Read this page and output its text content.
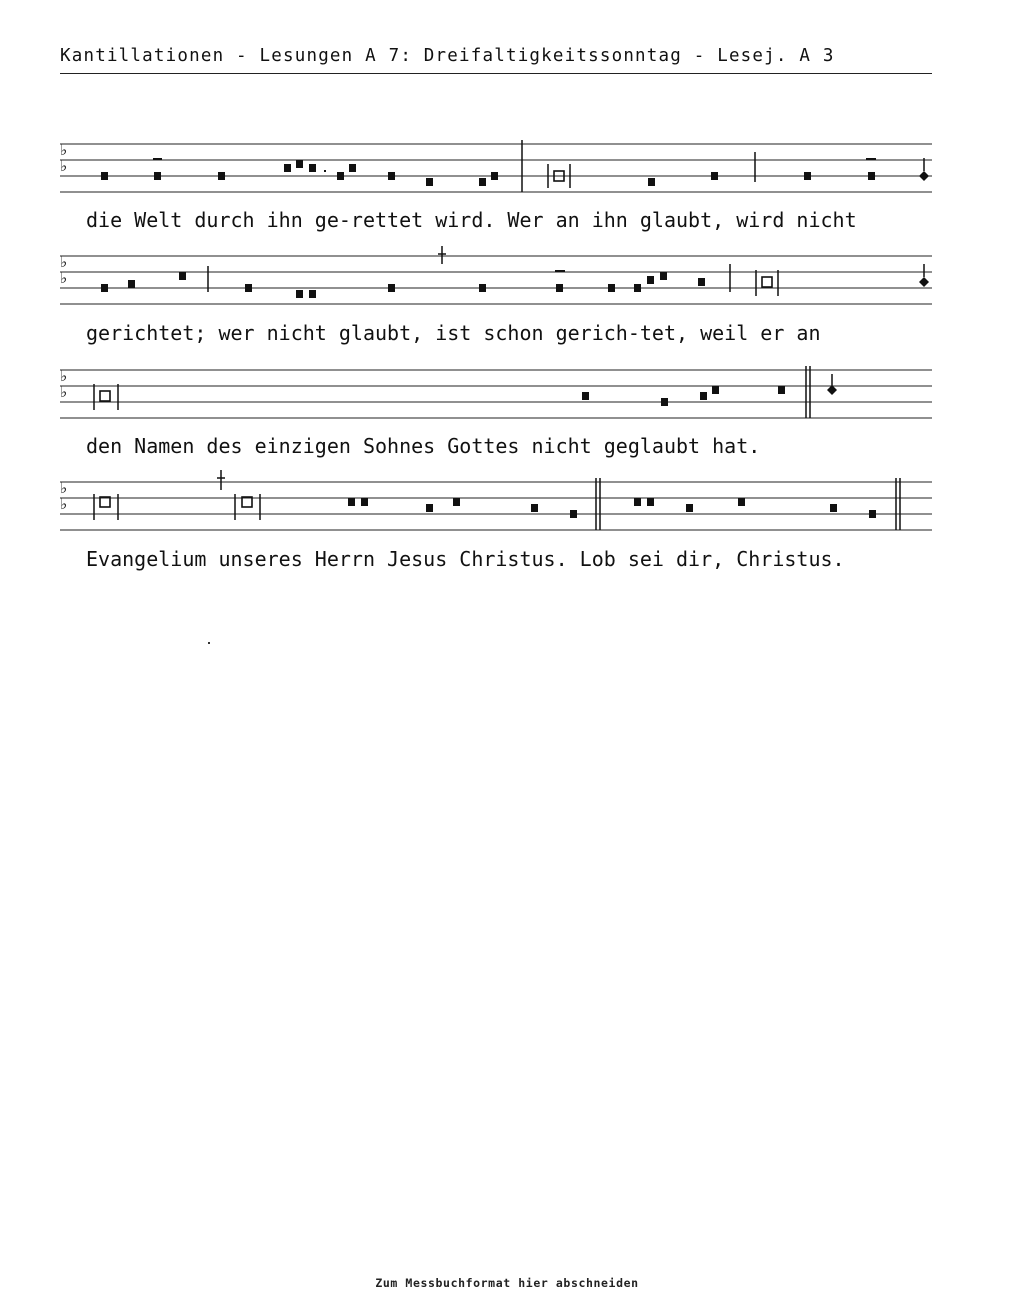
Kantillationen - Lesungen A 7: Dreifaltigkeitssonntag - Lesej. A 3
♭
♭
die Welt durch ihn ge-rettet wird. Wer an ihn glaubt, wird nicht
♭
♭
gerichtet; wer nicht glaubt, ist schon gerich-tet, weil er an
♭
♭
den Namen des einzigen Sohnes Gottes nicht geglaubt hat.
♭
♭
Evangelium unseres Herrn Jesus Christus. Lob sei dir, Christus.
Zum Messbuchformat hier abschneiden
